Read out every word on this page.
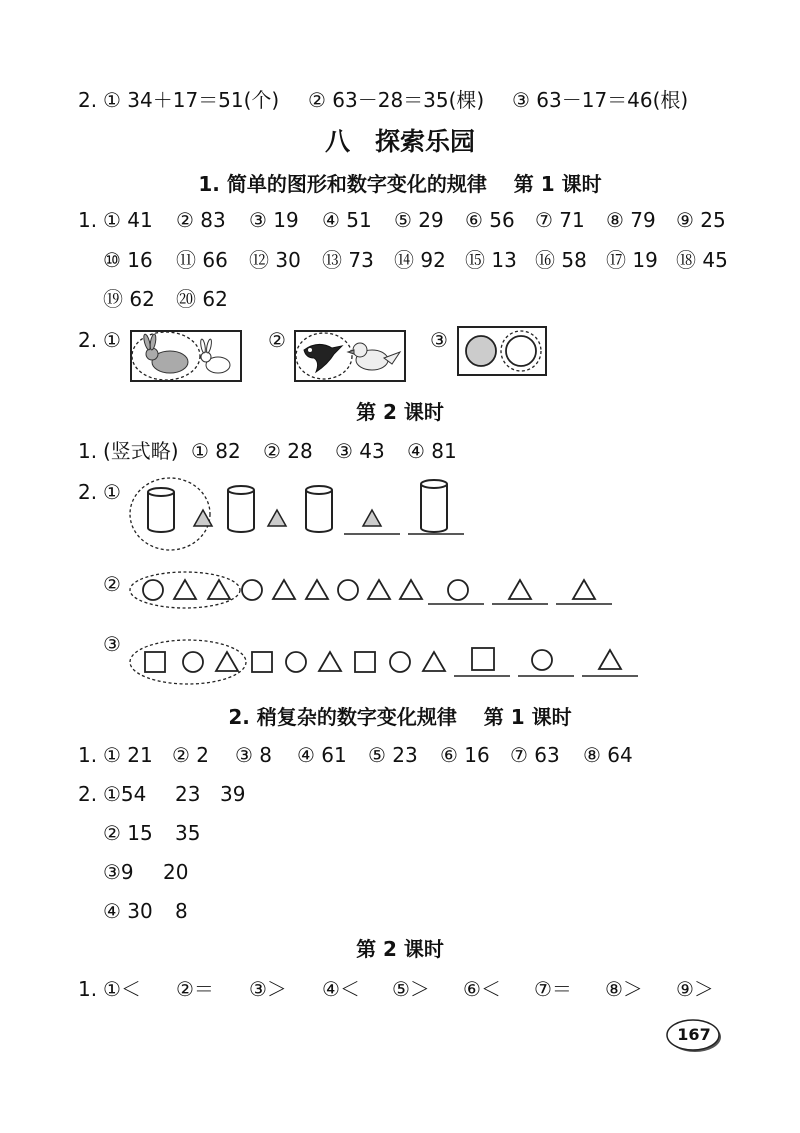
2. ① 34＋17＝51(个) ② 63－28＝35(棵) ③ 63－17＝46(根)
八　探索乐园
1. 简单的图形和数字变化的规律　 第 1 课时
1. ① 41 ② 83 ③ 19 ④ 51 ⑤ 29 ⑥ 56 ⑦ 71 ⑧ 79 ⑨ 25
⑩ 16 ⑪ 66 ⑫ 30 ⑬ 73 ⑭ 92 ⑮ 13 ⑯ 58 ⑰ 19 ⑱ 45
⑲ 62 ⑳ 62
2. ①	②	③
第 2 课时
1. (竖式略) ① 82 ② 28 ③ 43 ④ 81
2. ①
②
③
2. 稍复杂的数字变化规律　 第 1 课时
1. ① 21 ② 2 ③ 8 ④ 61 ⑤ 23 ⑥ 16 ⑦ 63 ⑧ 64
2. ①54 23 39
② 15 35
③9 20
④ 30 8
第 2 课时
1. ①＜ ②＝ ③＞ ④＜ ⑤＞ ⑥＜ ⑦＝ ⑧＞ ⑨＞
167
